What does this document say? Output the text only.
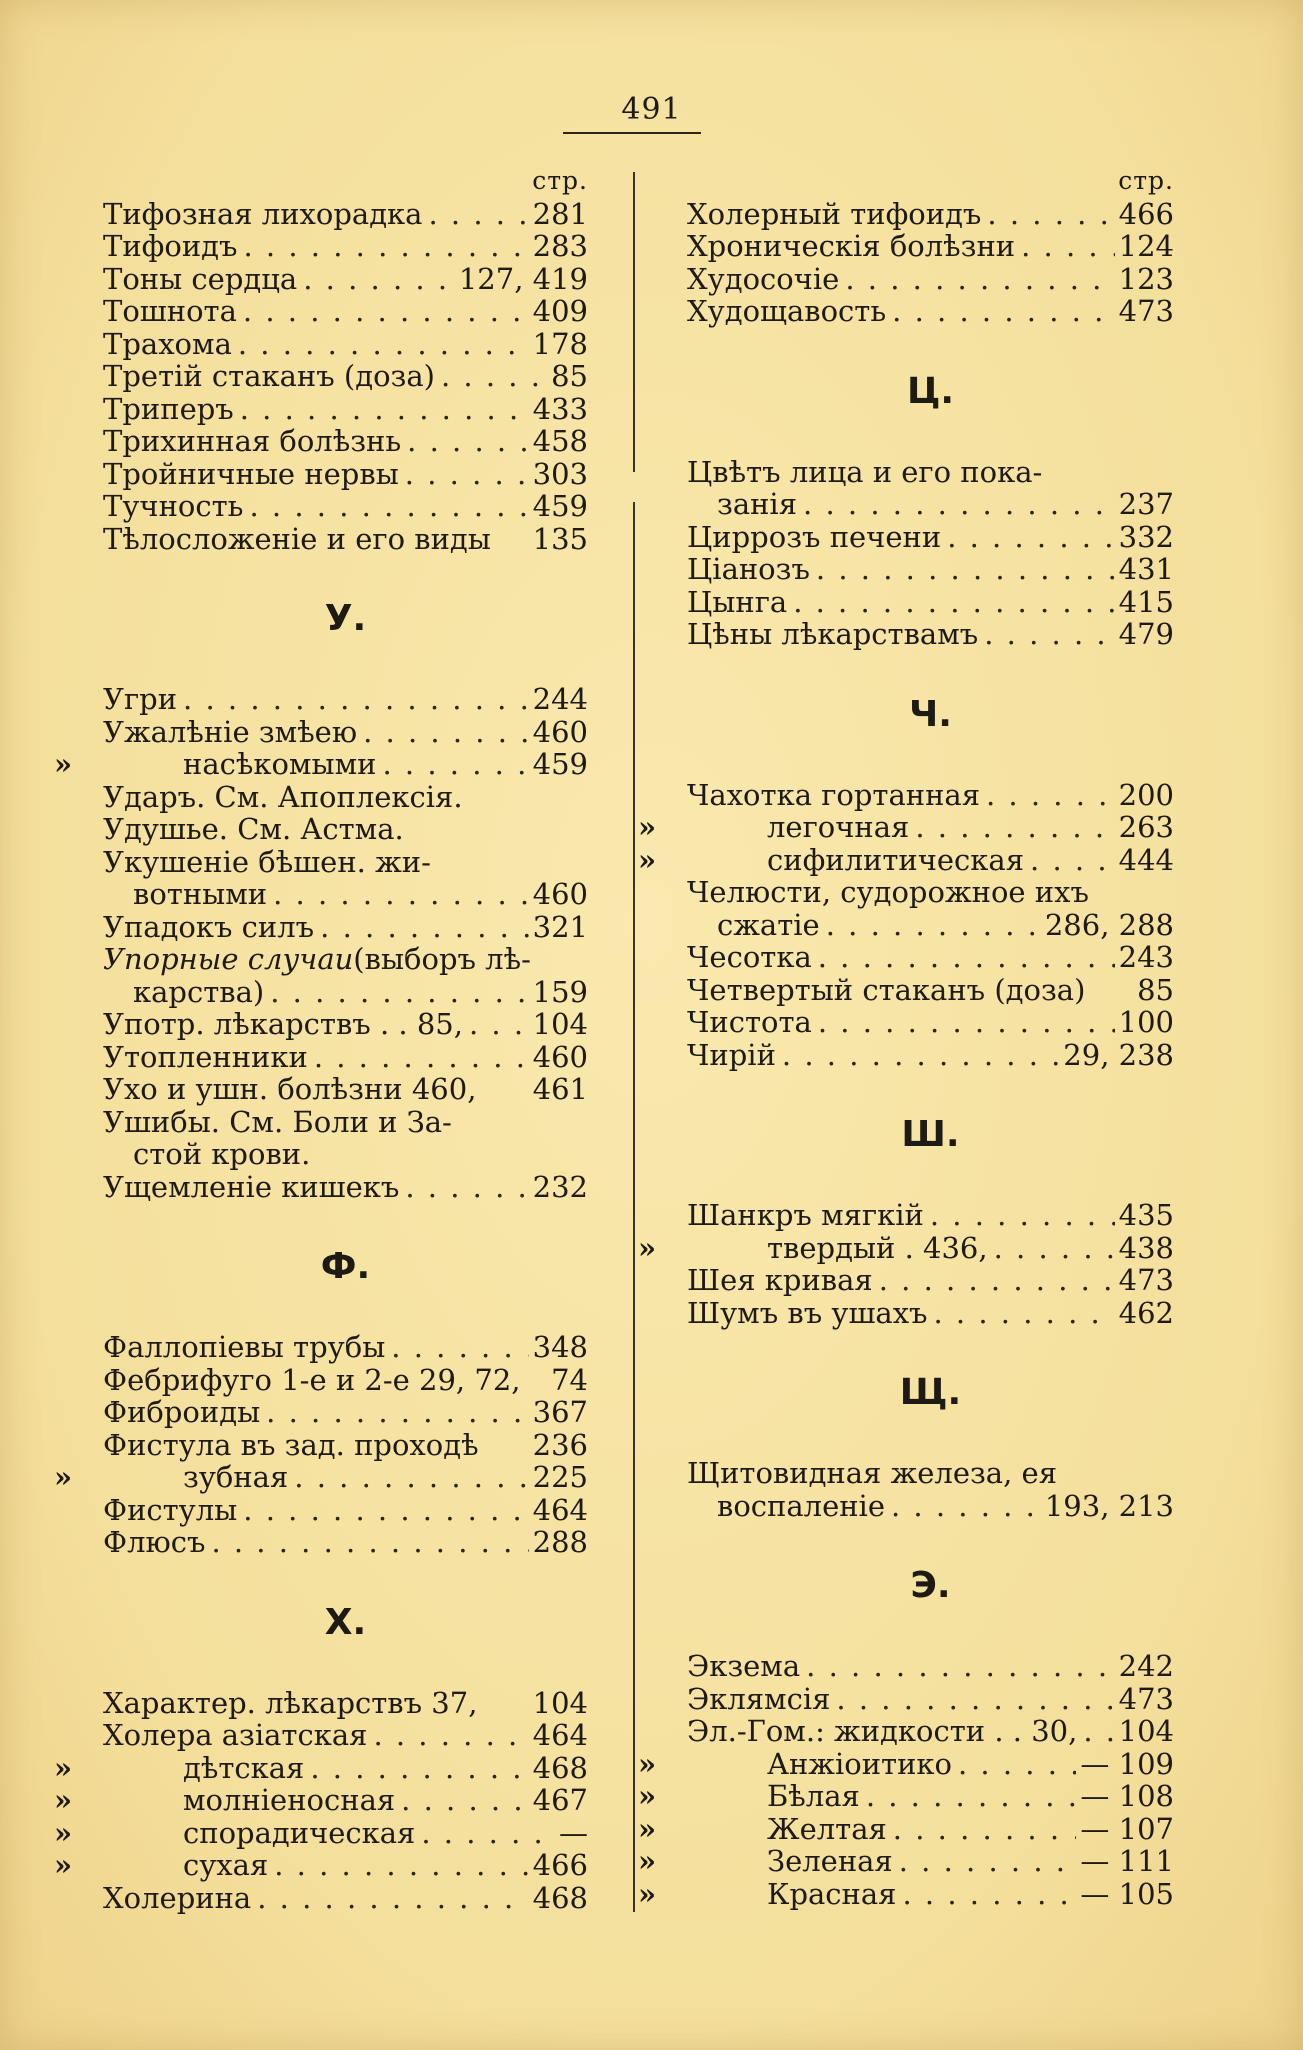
491
стр.
Тифозная лихорадка . . .	281
Тифоидъ . . .	283
Тоны сердца . . .	127, 419
Тошнота . . .	409
Трахома . . .	178
Третій стаканъ (доза) . . .	85
Триперъ . . .	433
Трихинная болѣзнь . . .	458
Тройничные нервы . . .	303
Тучность . . .	459
Тѣлосложеніе и его виды 135
У.
Угри . . .	244
Ужалѣніе змѣею . . .	460
»	насѣкомыми . . .	459
Ударъ. См. Апоплексія.
Удушье. См. Астма.
Укушеніе бѣшен. жи-
вотными . . .	460
Упадокъ силъ . . .	321
Упорные случаи(выборъ лѣ-
карства) . . .	159
Употр. лѣкарствъ . . 85, . . . 104
Утопленники . . .	460
Ухо и ушн. болѣзни 460, 461
Ушибы. См. Боли и За-
стой крови.
Ущемленіе кишекъ . . .	232
Ф.
Фаллопіевы трубы . . .	348
Фебрифуго 1-е и 2-е 29, 72, 74
Фиброиды . . .	367
Фистула въ зад. проходѣ 236
»	зубная . . .	225
Фистулы . . .	464
Флюсъ . . .	288
Х.
Характер. лѣкарствъ 37, 104
Холера азіатская . . .	464
»	дѣтская . . .	468
»	молніеносная . . .	467
»	спорадическая . . .	—
»	сухая . . .	466
Холерина . . .	468
стр.
Холерный тифоидъ . . .	466
Хроническія болѣзни . . .	124
Худосочіе . . .	123
Худощавость . . .	473
Ц.
Цвѣтъ лица и его пока-
занія . . .	237
Циррозъ печени . . .	332
Ціанозъ . . .	431
Цынга . . .	415
Цѣны лѣкарствамъ . . .	479
Ч.
Чахотка гортанная . . .	200
»	легочная . . .	263
»	сифилитическая . . .	444
Челюсти, судорожное ихъ
сжатіе . . .	286, 288
Чесотка . . .	243
Четвертый стаканъ (доза) 85
Чистота . . .	100
Чирій . . .	29, 238
Ш.
Шанкръ мягкій . . .	435
»	твердый . 436, . . .	438
Шея кривая . . .	473
Шумъ въ ушахъ . . .	462
Щ.
Щитовидная железа, ея
воспаленіе . . .	193, 213
Э.
Экзема . . .	242
Эклямсія . . .	473
Эл.-Гом.: жидкости . . 30, . . . 104
»	Анжіоитико . . .	— 109
»	Бѣлая . . .	— 108
»	Желтая . . .	— 107
»	Зеленая . . .	— 111
»	Красная . . .	— 105
